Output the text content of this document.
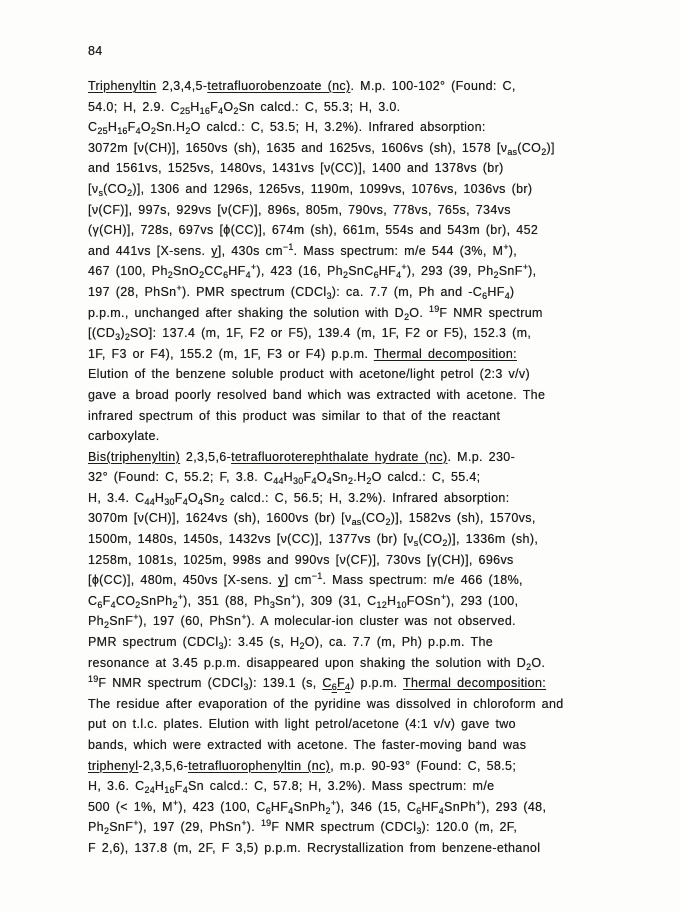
84
Triphenyltin 2,3,4,5-tetrafluorobenzoate (nc). M.p. 100-102° (Found: C,
54.0; H, 2.9. $C_{25}H_{16}F_4O_2Sn$ calcd.: C, 55.3; H, 3.0.
$C_{25}H_{16}F_4O_2Sn.H_2O$ calcd.: C, 53.5; H, 3.2%). Infrared absorption:
3072m [ν(CH)], 1650vs (sh), 1635 and 1625vs, 1606vs (sh), 1578 $[\nu_{as}(CO_2)]$
and 1561vs, 1525vs, 1480vs, 1431vs [ν(CC)], 1400 and 1378vs (br)
$[\nu_s(CO_2)]$, 1306 and 1296s, 1265vs, 1190m, 1099vs, 1076vs, 1036vs (br)
[ν(CF)], 997s, 929vs [ν(CF)], 896s, 805m, 790vs, 778vs, 765s, 734vs
(γ(CH)], 728s, 697vs [ϕ(CC)], 674m (sh), 661m, 554s and 543m (br), 452
and 441vs [X-sens. y], 430s $cm^{-1}$. Mass spectrum: m/e 544 (3%, M+),
467 (100, $Ph_2SnO_2CC_6HF_4^+$), 423 (16, $Ph_2SnC_6HF_4^+$), 293 (39, $Ph_2SnF^+$),
197 (28, PhSn+). PMR spectrum (CDCl$_3$): ca. 7.7 (m, Ph and $-C_6HF_4$)
p.p.m., unchanged after shaking the solution with $D_2O$. $^{19}$F NMR spectrum
$[(CD_3)_2SO]$: 137.4 (m, 1F, F2 or F5), 139.4 (m, 1F, F2 or F5), 152.3 (m,
1F, F3 or F4), 155.2 (m, 1F, F3 or F4) p.p.m. Thermal decomposition:
Elution of the benzene soluble product with acetone/light petrol (2:3 v/v)
gave a broad poorly resolved band which was extracted with acetone. The
infrared spectrum of this product was similar to that of the reactant
carboxylate.
Bis(triphenyltin) 2,3,5,6-tetrafluoroterephthalate hydrate (nc). M.p. 230-
32° (Found: C, 55.2; F, 3.8. $C_{44}H_{30}F_4O_4Sn_2.H_2O$ calcd.: C, 55.4;
H, 3.4. $C_{44}H_{30}F_4O_4Sn_2$ calcd.: C, 56.5; H, 3.2%). Infrared absorption:
3070m [ν(CH)], 1624vs (sh), 1600vs (br) $[\nu_{as}(CO_2)]$, 1582vs (sh), 1570vs,
1500m, 1480s, 1450s, 1432vs [ν(CC)], 1377vs (br) $[\nu_s(CO_2)]$, 1336m (sh),
1258m, 1081s, 1025m, 998s and 990vs [ν(CF)], 730vs [γ(CH)], 696vs
[ϕ(CC)], 480m, 450vs [X-sens. y] $cm^{-1}$. Mass spectrum: m/e 466 (18%,
$C_6F_4CO_2SnPh_2^+$), 351 (88, $Ph_3Sn^+$), 309 (31, $C_{12}H_{10}FOSn^+$), 293 (100,
$Ph_2SnF^+$), 197 (60, PhSn+). A molecular-ion cluster was not observed.
PMR spectrum (CDCl$_3$): 3.45 (s, $H_2O$), ca. 7.7 (m, Ph) p.p.m. The
resonance at 3.45 p.p.m. disappeared upon shaking the solution with $D_2O$.
$^{19}$F NMR spectrum (CDCl$_3$): 139.1 (s, $C_6F_4$) p.p.m. Thermal decomposition:
The residue after evaporation of the pyridine was dissolved in chloroform and
put on t.l.c. plates. Elution with light petrol/acetone (4:1 v/v) gave two
bands, which were extracted with acetone. The faster-moving band was
triphenyl-2,3,5,6-tetrafluorophenyltin (nc), m.p. 90-93° (Found: C, 58.5;
H, 3.6. $C_{24}H_{16}F_4Sn$ calcd.: C, 57.8; H, 3.2%). Mass spectrum: m/e
500 (< 1%, M+), 423 (100, $C_6HF_4SnPh_2^+$), 346 (15, $C_6HF_4SnPh^+$), 293 (48,
$Ph_2SnF^+$), 197 (29, PhSn+). $^{19}$F NMR spectrum (CDCl$_3$): 120.0 (m, 2F,
F 2,6), 137.8 (m, 2F, F 3,5) p.p.m. Recrystallization from benzene-ethanol
